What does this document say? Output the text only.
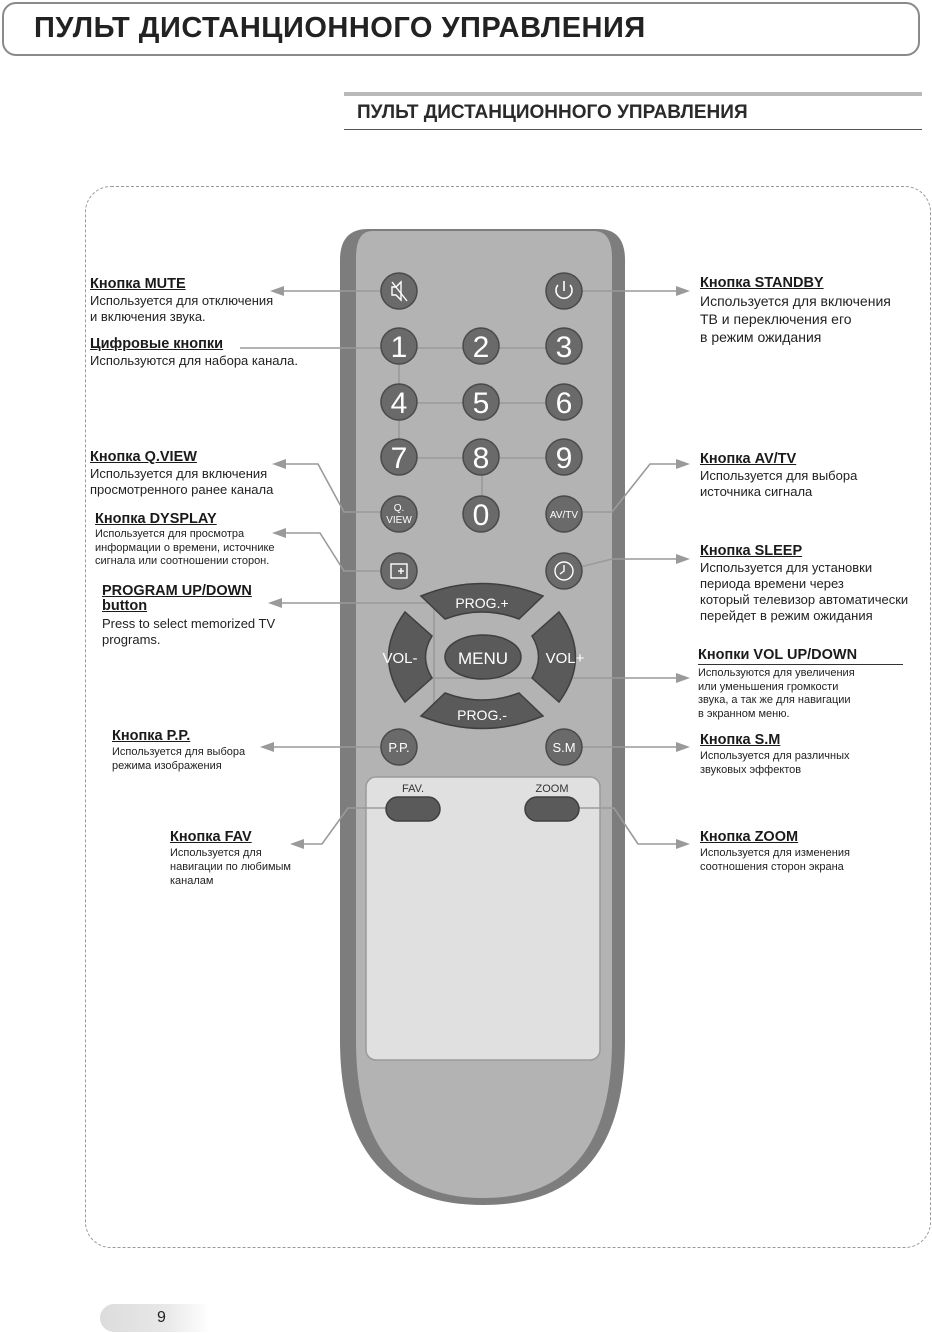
ПУЛЬТ ДИСТАНЦИОННОГО УПРАВЛЕНИЯ
ПУЛЬТ ДИСТАНЦИОННОГО УПРАВЛЕНИЯ
1 2 3
4 5 6
7 8 9
0
Q.
VIEW	AV/TV
P.P.	S.M
PROG.+
PROG.-
VOL-	VOL+
MENU
FAV.	ZOOM
Кнопка MUTE
Используется для отключения
и включения звука.
Цифровые кнопки
Используются для набора канала.
Кнопка Q.VIEW
Используется для включения
просмотренного ранее канала
Кнопка DYSPLAY
Используется для просмотра
информации о времени, источнике
сигнала или соотношении сторон.
PROGRAM UP/DOWN
button
Press to select memorized TV
programs.
Кнопка P.P.
Используется для выбора
режима изображения
Кнопка FAV
Используется для
навигации по любимым
каналам
Кнопка STANDBY
Используется для включения
ТВ и переключения его
в режим ожидания
Кнопка AV/TV
Используется для выбора
источника сигнала
Кнопка SLEEP
Используется для установки
периода времени через
который телевизор автоматически
перейдет в режим ожидания
Кнопки VOL UP/DOWN
Используются для увеличения
или уменьшения громкости
звука, а так же для навигации
в экранном меню.
Кнопка S.M
Используется для различных
звуковых эффектов
Кнопка ZOOM
Используется для изменения
соотношения сторон экрана
9
